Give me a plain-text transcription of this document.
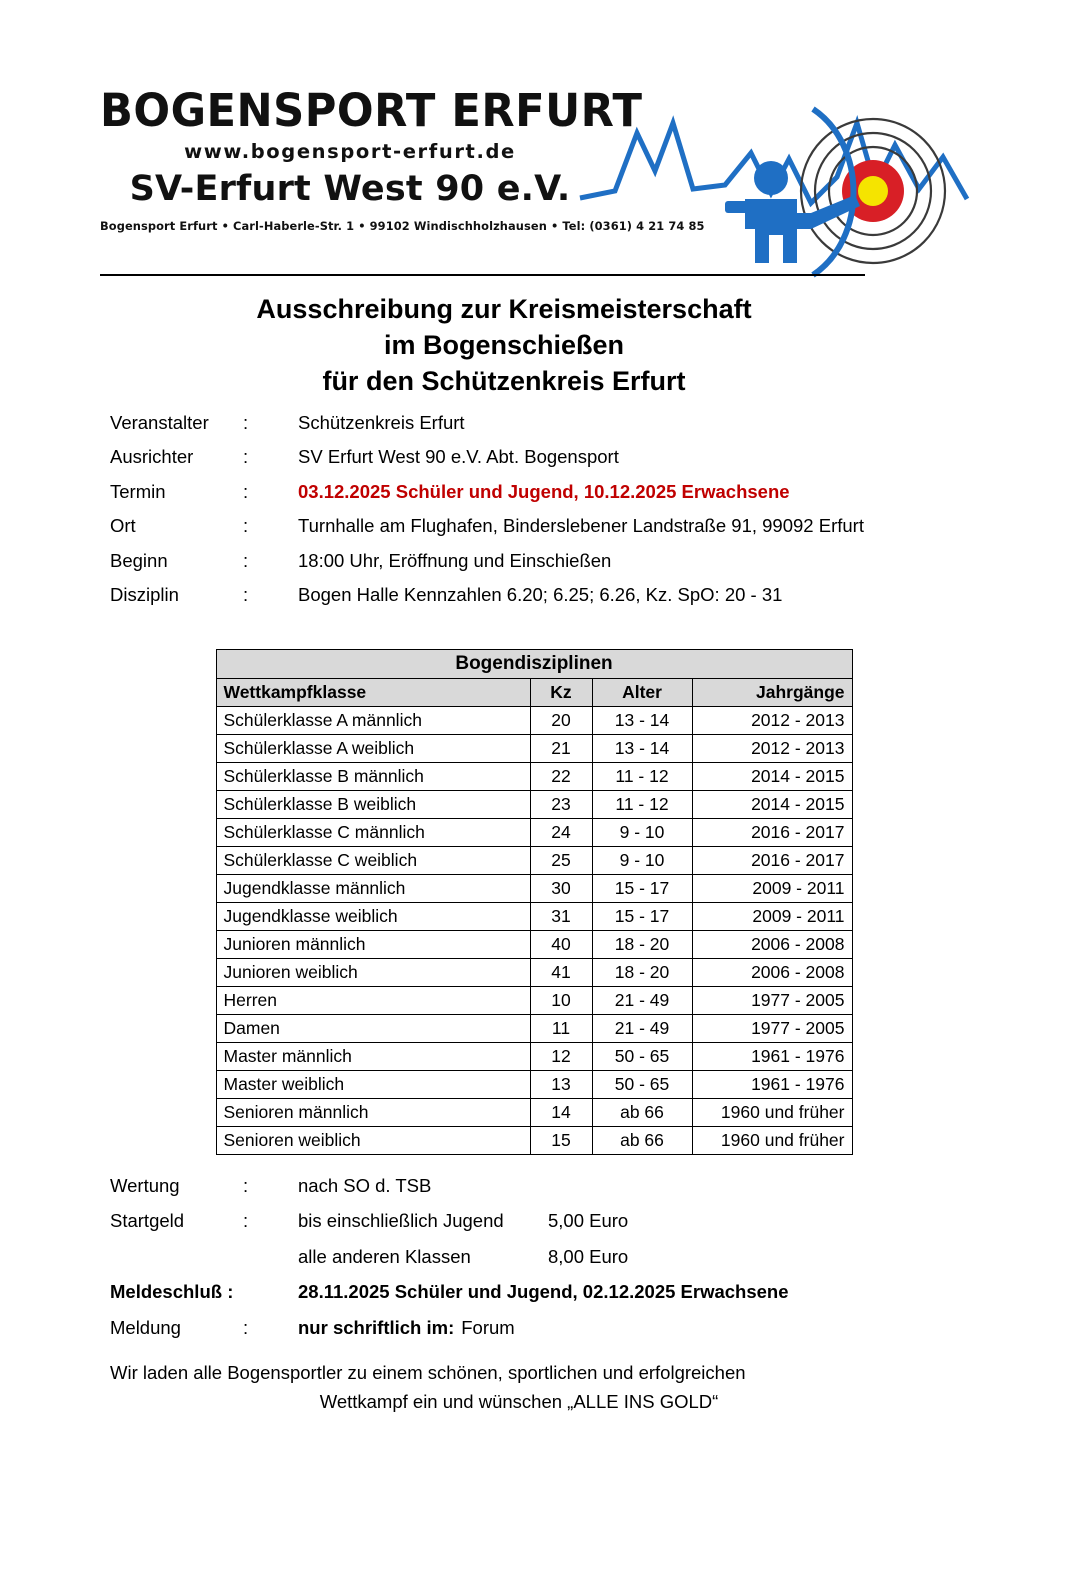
BOGENSPORT ERFURT
www.bogensport-erfurt.de
SV-Erfurt West 90 e.V.
Bogensport Erfurt • Carl-Haberle-Str. 1 • 99102 Windischholzhausen • Tel: (0361) 4 21 74 85
Ausschreibung zur Kreismeisterschaft
im Bogenschießen
für den Schützenkreis Erfurt
Veranstalter	:	Schützenkreis Erfurt
Ausrichter	:	SV Erfurt West 90 e.V. Abt. Bogensport
Termin	:	03.12.2025 Schüler und Jugend, 10.12.2025 Erwachsene
Ort	:	Turnhalle am Flughafen, Binderslebener Landstraße 91, 99092 Erfurt
Beginn	:	18:00 Uhr, Eröffnung und Einschießen
Disziplin	:	Bogen Halle Kennzahlen 6.20; 6.25; 6.26, Kz. SpO: 20 - 31
Bogendisziplinen			
Wettkampfklasse	Kz	Alter	Jahrgänge
Schülerklasse A männlich	20	13 - 14	2012 - 2013
Schülerklasse A weiblich	21	13 - 14	2012 - 2013
Schülerklasse B männlich	22	11 - 12	2014 - 2015
Schülerklasse B weiblich	23	11 - 12	2014 - 2015
Schülerklasse C männlich	24	9 - 10	2016 - 2017
Schülerklasse C weiblich	25	9 - 10	2016 - 2017
Jugendklasse männlich	30	15 - 17	2009 - 2011
Jugendklasse weiblich	31	15 - 17	2009 - 2011
Junioren männlich	40	18 - 20	2006 - 2008
Junioren weiblich	41	18 - 20	2006 - 2008
Herren	10	21 - 49	1977 - 2005
Damen	11	21 - 49	1977 - 2005
Master männlich	12	50 - 65	1961 - 1976
Master weiblich	13	50 - 65	1961 - 1976
Senioren männlich	14	ab 66	1960 und früher
Senioren weiblich	15	ab 66	1960 und früher
Wertung	:	nach SO d. TSB
Startgeld	:	bis einschließlich Jugend	5,00 Euro
alle anderen Klassen	8,00 Euro
Meldeschluß :	28.11.2025 Schüler und Jugend, 02.12.2025 Erwachsene
Meldung	:	nur schriftlich im: Forum
Wir laden alle Bogensportler zu einem schönen, sportlichen und erfolgreichen
Wettkampf ein und wünschen „ALLE INS GOLD“
